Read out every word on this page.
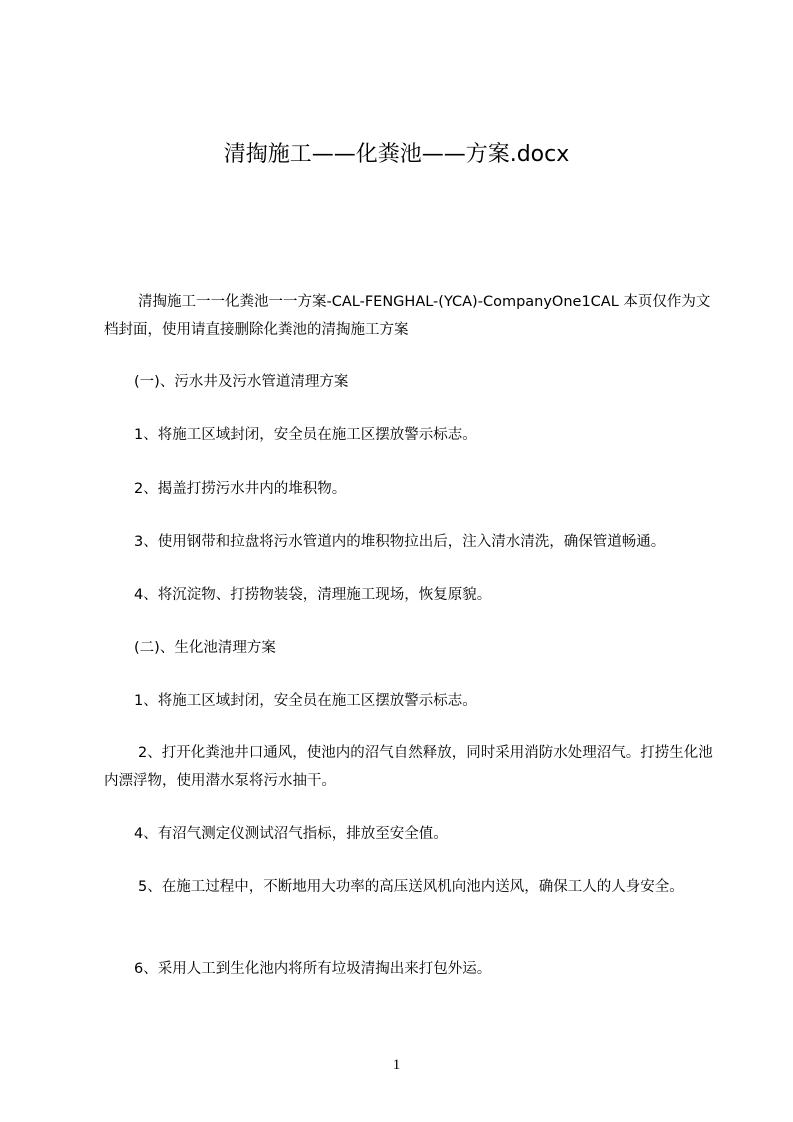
清掏施工——化粪池——方案.docx

清掏施工一一化粪池一一方案-CAL-FENGHAL-(YCA)-CompanyOne1CAL 本页仅作为文档封面，使用请直接删除化粪池的清掏施工方案

(一)、污水井及污水管道清理方案

1、将施工区域封闭，安全员在施工区摆放警示标志。

2、揭盖打捞污水井内的堆积物。

3、使用钢带和拉盘将污水管道内的堆积物拉出后，注入清水清洗，确保管道畅通。

4、将沉淀物、打捞物装袋，清理施工现场，恢复原貌。

(二)、生化池清理方案

1、将施工区域封闭，安全员在施工区摆放警示标志。

2、打开化粪池井口通风，使池内的沼气自然释放，同时采用消防水处理沼气。打捞生化池内漂浮物，使用潜水泵将污水抽干。

4、有沼气测定仪测试沼气指标，排放至安全值。

5、在施工过程中，不断地用大功率的高压送风机向池内送风，确保工人的人身安全。

6、采用人工到生化池内将所有垃圾清掏出来打包外运。

1
